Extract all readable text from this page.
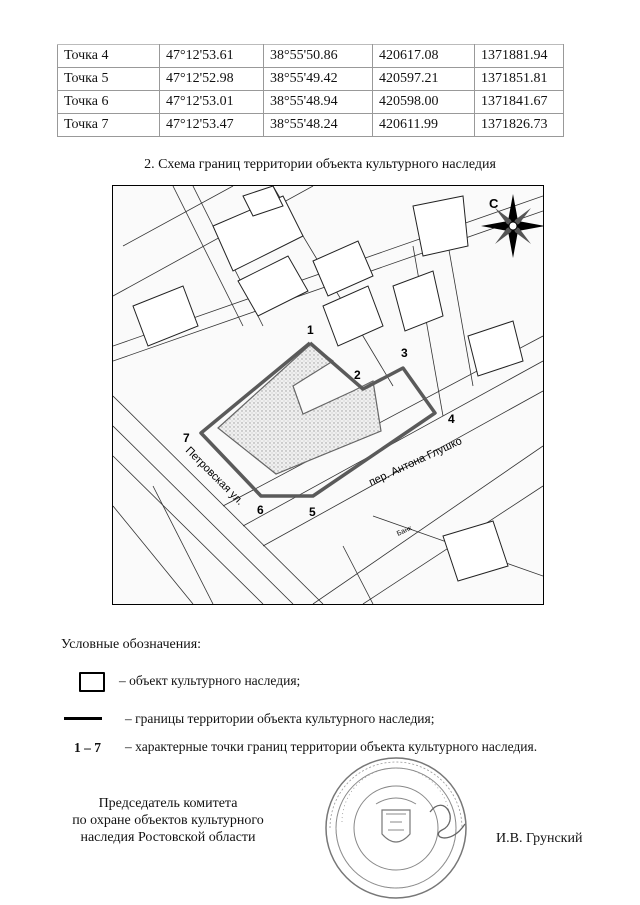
Точка 4	47°12'53.61	38°55'50.86	420617.08	1371881.94
Точка 5	47°12'52.98	38°55'49.42	420597.21	1371851.81
Точка 6	47°12'53.01	38°55'48.94	420598.00	1371841.67
Точка 7	47°12'53.47	38°55'48.24	420611.99	1371826.73
2. Схема границ территории объекта культурного наследия
С
Петровская ул.	пер. Антона Глушко
Банк
1
2
3
4
5
6
7
Условные обозначения:
– объект культурного наследия;
– границы территории объекта культурного наследия;
1 – 7 – характерные точки границ территории объекта культурного наследия.
Председатель комитета
по охране объектов культурного
наследия Ростовской области	И.В. Грунский
